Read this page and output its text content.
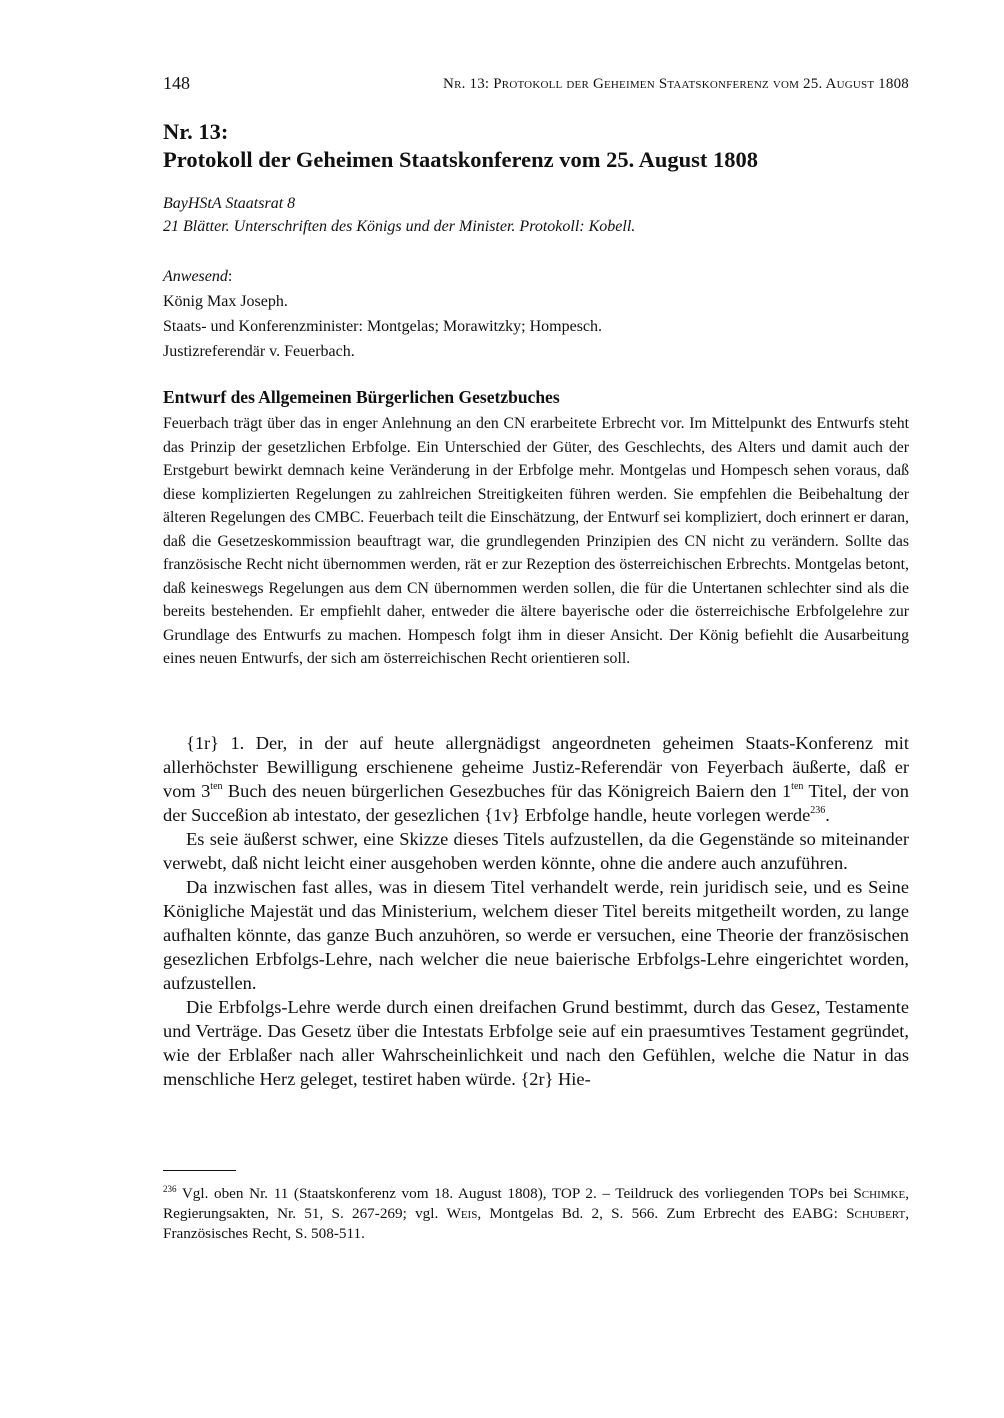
148	Nr. 13: Protokoll der Geheimen Staatskonferenz vom 25. August 1808
Nr. 13:
Protokoll der Geheimen Staatskonferenz vom 25. August 1808
BayHStA Staatsrat 8
21 Blätter. Unterschriften des Königs und der Minister. Protokoll: Kobell.
Anwesend:
König Max Joseph.
Staats- und Konferenzminister: Montgelas; Morawitzky; Hompesch.
Justizreferendär v. Feuerbach.
Entwurf des Allgemeinen Bürgerlichen Gesetzbuches
Feuerbach trägt über das in enger Anlehnung an den CN erarbeitete Erbrecht vor. Im Mittelpunkt des Entwurfs steht das Prinzip der gesetzlichen Erbfolge. Ein Unterschied der Güter, des Geschlechts, des Alters und damit auch der Erstgeburt bewirkt demnach keine Veränderung in der Erbfolge mehr. Montgelas und Hompesch sehen voraus, daß diese komplizierten Regelungen zu zahlreichen Streitigkeiten führen werden. Sie empfehlen die Beibehaltung der älteren Regelungen des CMBC. Feuerbach teilt die Einschätzung, der Entwurf sei kompliziert, doch erinnert er daran, daß die Gesetzeskommission beauftragt war, die grundlegenden Prinzipien des CN nicht zu verändern. Sollte das französische Recht nicht übernommen werden, rät er zur Rezeption des österreichischen Erbrechts. Montgelas betont, daß keineswegs Regelungen aus dem CN übernommen werden sollen, die für die Untertanen schlechter sind als die bereits bestehenden. Er empfiehlt daher, entweder die ältere bayerische oder die österreichische Erbfolgelehre zur Grundlage des Entwurfs zu machen. Hompesch folgt ihm in dieser Ansicht. Der König befiehlt die Ausarbeitung eines neuen Entwurfs, der sich am österreichischen Recht orientieren soll.

{1r} 1. Der, in der auf heute allergnädigst angeordneten geheimen Staats-Konferenz mit allerhöchster Bewilligung erschienene geheime Justiz-Referendär von Feyerbach äußerte, daß er vom $3^{ten}$ Buch des neuen bürgerlichen Gesezbuches für das Königreich Baiern den $1^{ten}$ Titel, der von der Succeßion ab intestato, der gesezlichen {1v} Erbfolge handle, heute vorlegen werde$^{236}$.

Es seie äußerst schwer, eine Skizze dieses Titels aufzustellen, da die Gegenstände so miteinander verwebt, daß nicht leicht einer ausgehoben werden könnte, ohne die andere auch anzuführen.

Da inzwischen fast alles, was in diesem Titel verhandelt werde, rein juridisch seie, und es Seine Königliche Majestät und das Ministerium, welchem dieser Titel bereits mitgetheilt worden, zu lange aufhalten könnte, das ganze Buch anzuhören, so werde er versuchen, eine Theorie der französischen gesezlichen Erbfolgs-Lehre, nach welcher die neue baierische Erbfolgs-Lehre eingerichtet worden, aufzustellen.

Die Erbfolgs-Lehre werde durch einen dreifachen Grund bestimmt, durch das Gesez, Testamente und Verträge. Das Gesetz über die Intestats Erbfolge seie auf ein praesumtives Testament gegründet, wie der Erblaßer nach aller Wahrscheinlichkeit und nach den Gefühlen, welche die Natur in das menschliche Herz geleget, testiret haben würde. {2r} Hie-

$^{236}$ Vgl. oben Nr. 11 (Staatskonferenz vom 18. August 1808), TOP 2. – Teildruck des vorliegenden TOPs bei Schimke, Regierungsakten, Nr. 51, S. 267-269; vgl. Weis, Montgelas Bd. 2, S. 566. Zum Erbrecht des EABG: Schubert, Französisches Recht, S. 508-511.
